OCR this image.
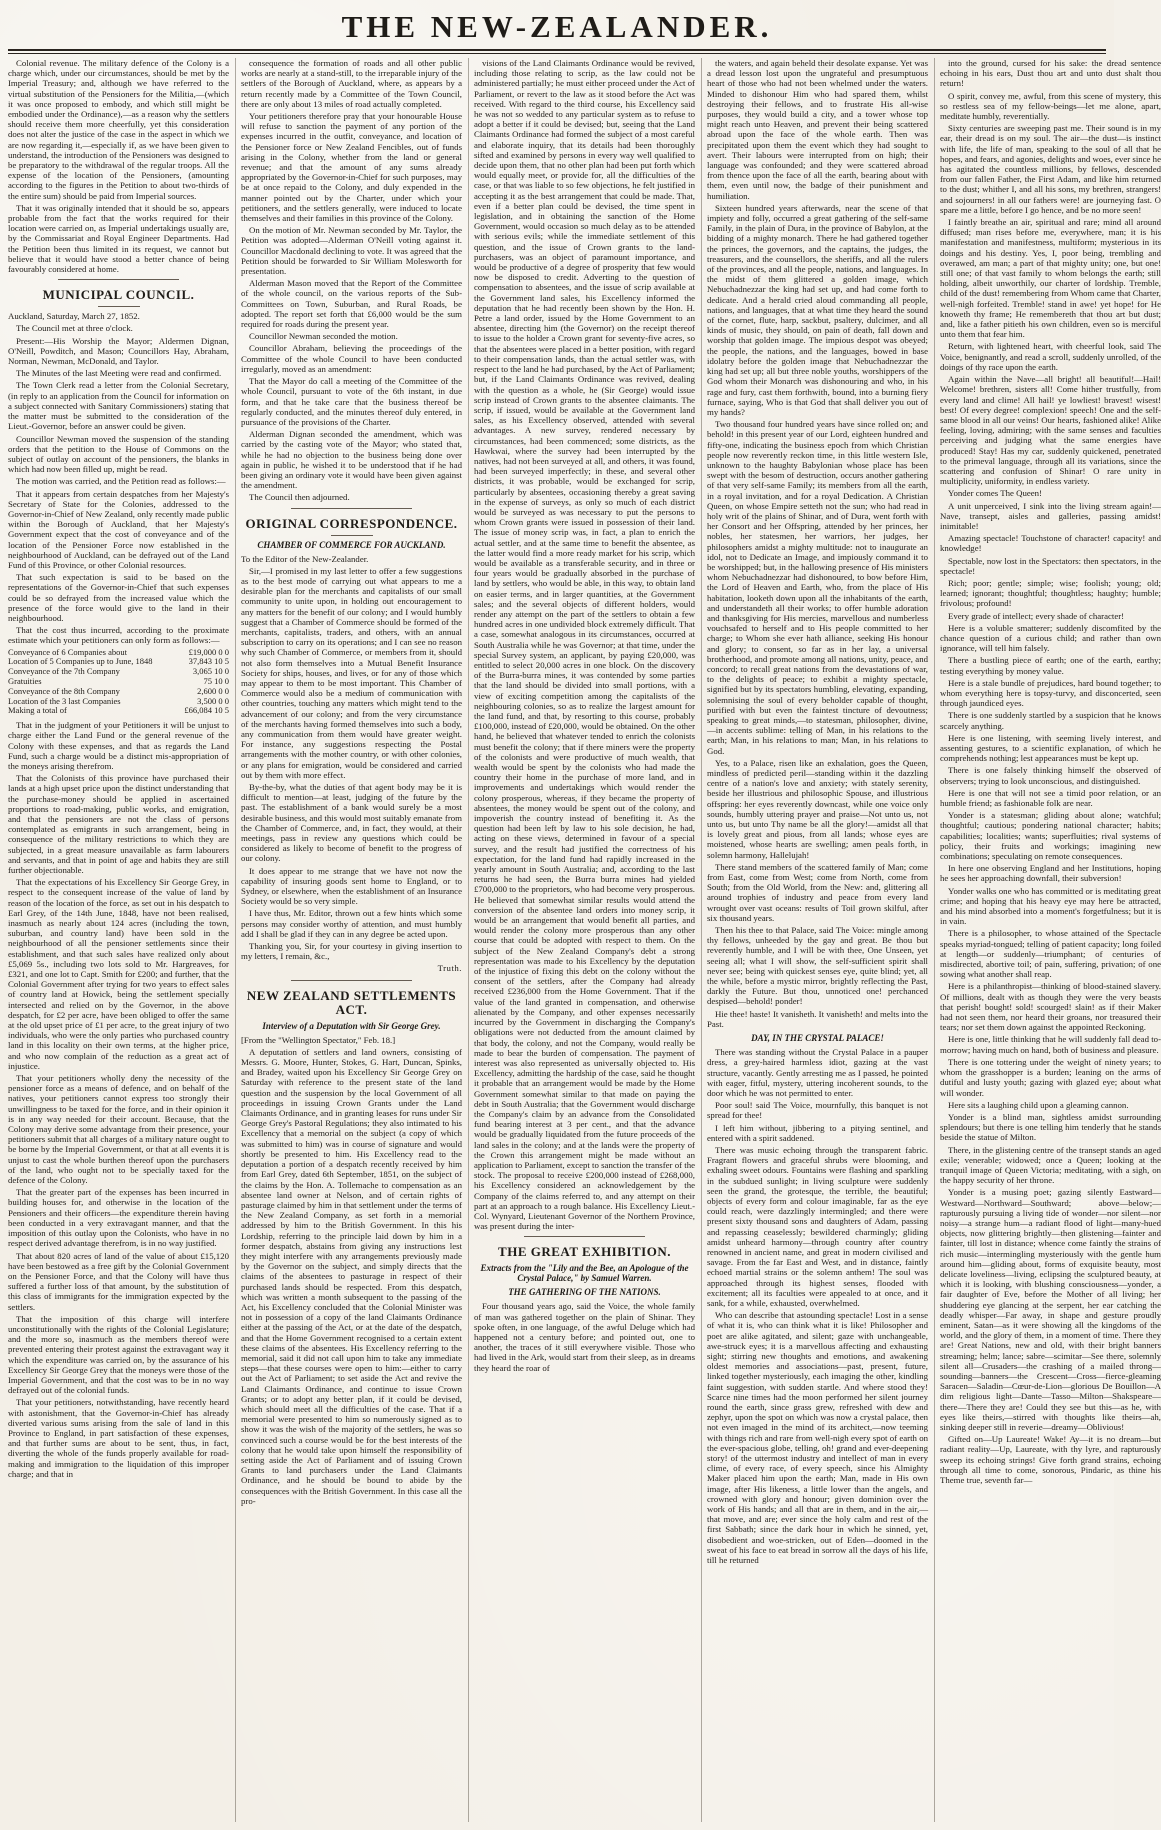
THE NEW-ZEALANDER.

Colonial revenue. The military defence of the Colony is a charge which, under our circumstances, should be met by the Imperial Treasury; and, although we have referred to the virtual substitution of the Pensioners for the Militia,—(which it was once proposed to embody, and which still might be embodied under the Ordinance),—as a reason why the settlers should receive them more cheerfully, yet this consideration does not alter the justice of the case in the aspect in which we are now regarding it,—especially if, as we have been given to understand, the introduction of the Pensioners was designed to be preparatory to the withdrawal of the regular troops. All the expense of the location of the Pensioners, (amounting according to the figures in the Petition to about two-thirds of the entire sum) should be paid from Imperial sources.

That it was originally intended that it should be so, appears probable from the fact that the works required for their location were carried on, as Imperial undertakings usually are, by the Commissariat and Royal Engineer Departments. Had the Petition been thus limited in its request, we cannot but believe that it would have stood a better chance of being favourably considered at home.

MUNICIPAL COUNCIL.

Auckland, Saturday, March 27, 1852.

The Council met at three o'clock.

Present:—His Worship the Mayor; Aldermen Dignan, O'Neill, Powditch, and Mason; Councillors Hay, Abraham, Norman, Newman, McDonald, and Taylor.

The Minutes of the last Meeting were read and confirmed.

The Town Clerk read a letter from the Colonial Secretary, (in reply to an application from the Council for information on a subject connected with Sanitary Commissioners) stating that the matter must be submitted to the consideration of the Lieut.-Governor, before an answer could be given.

Councillor Newman moved the suspension of the standing orders that the petition to the House of Commons on the subject of outlay on account of the pensioners, the blanks in which had now been filled up, might be read.

The motion was carried, and the Petition read as follows:—

That it appears from certain despatches from her Majesty's Secretary of State for the Colonies, addressed to the Governor-in-Chief of New Zealand, only recently made public within the Borough of Auckland, that her Majesty's Government expect that the cost of conveyance and of the location of the Pensioner Force now established in the neighbourhood of Auckland, can be defrayed out of the Land Fund of this Province, or other Colonial resources.

That such expectation is said to be based on the representations of the Governor-in-Chief that such expenses could be so defrayed from the increased value which the presence of the force would give to the land in their neighbourhood.

That the cost thus incurred, according to the proximate estimate which your petitioners can only form as follows:—

Conveyance of 6 Companies about	£19,000 0 0
Location of 5 Companies up to June, 1848	37,843 10 5
Conveyance of the 7th Company	3,065 10 0
Gratuities	75 10 0
Conveyance of the 8th Company	2,600 0 0
Location of the 3 last Companies	3,500 0 0
Making a total of	£66,084 10 5

That in the judgment of your Petitioners it will be unjust to charge either the Land Fund or the general revenue of the Colony with these expenses, and that as regards the Land Fund, such a charge would be a distinct mis-appropriation of the moneys arising therefrom.

That the Colonists of this province have purchased their lands at a high upset price upon the distinct understanding that the purchase-money should be applied in ascertained proportions to road-making, public works, and emigration, and that the pensioners are not the class of persons contemplated as emigrants in such arrangement, being in consequence of the military restrictions to which they are subjected, in a great measure unavailable as farm labourers and servants, and that in point of age and habits they are still further objectionable.

That the expectations of his Excellency Sir George Grey, in respect to the consequent increase of the value of land by reason of the location of the force, as set out in his despatch to Earl Grey, of the 14th June, 1848, have not been realised, inasmuch as nearly about 124 acres (including the town, suburban, and country land) have been sold in the neighbourhood of all the pensioner settlements since their establishment, and that such sales have realized only about £5,069 5s., including two lots sold to Mr. Hargreaves, for £321, and one lot to Capt. Smith for £200; and further, that the Colonial Government after trying for two years to effect sales of country land at Howick, being the settlement specially intersected and relied on by the Governor, in the above despatch, for £2 per acre, have been obliged to offer the same at the old upset price of £1 per acre, to the great injury of two individuals, who were the only parties who purchased country land in this locality on their own terms, at the higher price, and who now complain of the reduction as a great act of injustice.

That your petitioners wholly deny the necessity of the pensioner force as a means of defence, and on behalf of the natives, your petitioners cannot express too strongly their unwillingness to be taxed for the force, and in their opinion it is in any way needed for their account. Because, that the Colony may derive some advantage from their presence, your petitioners submit that all charges of a military nature ought to be borne by the Imperial Government, or that at all events it is unjust to cast the whole burthen thereof upon the purchasers of the land, who ought not to be specially taxed for the defence of the Colony.

That the greater part of the expenses has been incurred in building houses for, and otherwise in the location of the Pensioners and their officers—the expenditure therein having been conducted in a very extravagant manner, and that the imposition of this outlay upon the Colonists, who have in no respect derived advantage therefrom, is in no way justified.

That about 820 acres of land of the value of about £15,120 have been bestowed as a free gift by the Colonial Government on the Pensioner Force, and that the Colony will have thus suffered a further loss of that amount, by the substitution of this class of immigrants for the immigration expected by the settlers.

That the imposition of this charge will interfere unconstitutionally with the rights of the Colonial Legislature; and the more so, inasmuch as the members thereof were prevented entering their protest against the extravagant way it which the expenditure was carried on, by the assurance of his Excellency Sir George Grey that the moneys were those of the Imperial Government, and that the cost was to be in no way defrayed out of the colonial funds.

That your petitioners, notwithstanding, have recently heard with astonishment, that the Governor-in-Chief has already diverted various sums arising from the sale of land in this Province to England, in part satisfaction of these expenses, and that further sums are about to be sent, thus, in fact, diverting the whole of the funds properly available for road-making and immigration to the liquidation of this improper charge; and that in

consequence the formation of roads and all other public works are nearly at a stand-still, to the irreparable injury of the settlers of the Borough of Auckland, where, as appears by a return recently made by a Committee of the Town Council, there are only about 13 miles of road actually completed.

Your petitioners therefore pray that your honourable House will refuse to sanction the payment of any portion of the expenses incurred in the outfit, conveyance, and location of the Pensioner force or New Zealand Fencibles, out of funds arising in the Colony, whether from the land or general revenue; and that the amount of any sums already appropriated by the Governor-in-Chief for such purposes, may be at once repaid to the Colony, and duly expended in the manner pointed out by the Charter, under which your petitioners, and the settlers generally, were induced to locate themselves and their families in this province of the Colony.

On the motion of Mr. Newman seconded by Mr. Taylor, the Petition was adopted—Alderman O'Neill voting against it. Councillor Macdonald declining to vote. It was agreed that the Petition should be forwarded to Sir William Molesworth for presentation.

Alderman Mason moved that the Report of the Committee of the whole council, on the various reports of the Sub-Committees on Town, Suburban, and Rural Roads, be adopted. The report set forth that £6,000 would be the sum required for roads during the present year.

Councillor Newman seconded the motion.

Councillor Abraham, believing the proceedings of the Committee of the whole Council to have been conducted irregularly, moved as an amendment:

That the Mayor do call a meeting of the Committee of the whole Council, pursuant to vote of the 6th instant, in due form, and that he take care that the business thereof be regularly conducted, and the minutes thereof duly entered, in pursuance of the provisions of the Charter.

Alderman Dignan seconded the amendment, which was carried by the casting vote of the Mayor; who stated that, while he had no objection to the business being done over again in public, he wished it to be understood that if he had been giving an ordinary vote it would have been given against the amendment.

The Council then adjourned.

ORIGINAL CORRESPONDENCE.
CHAMBER OF COMMERCE FOR AUCKLAND.

To the Editor of the New-Zealander.

Sir,—I promised in my last letter to offer a few suggestions as to the best mode of carrying out what appears to me a desirable plan for the merchants and capitalists of our small community to unite upon, in holding out encouragement to any matters for the benefit of our colony; and I would humbly suggest that a Chamber of Commerce should be formed of the merchants, capitalists, traders, and others, with an annual subscription to carry on its operations; and I can see no reason why such Chamber of Commerce, or members from it, should not also form themselves into a Mutual Benefit Insurance Society for ships, houses, and lives, or for any of those which may appear to them to be most important. This Chamber of Commerce would also be a medium of communication with other countries, touching any matters which might tend to the advancement of our colony; and from the very circumstance of the merchants having formed themselves into such a body, any communication from them would have greater weight. For instance, any suggestions respecting the Postal arrangements with the mother country, or with other colonies, or any plans for emigration, would be considered and carried out by them with more effect.

By-the-by, what the duties of that agent body may be it is difficult to mention—at least, judging of the future by the past. The establishment of a bank would surely be a most desirable business, and this would most suitably emanate from the Chamber of Commerce, and, in fact, they would, at their meetings, pass in review any questions which could be considered as likely to become of benefit to the progress of our colony.

It does appear to me strange that we have not now the capability of insuring goods sent home to England, or to Sydney, or elsewhere, when the establishment of an Insurance Society would be so very simple.

I have thus, Mr. Editor, thrown out a few hints which some persons may consider worthy of attention, and must humbly add I shall be glad if they can in any degree be acted upon.

Thanking you, Sir, for your courtesy in giving insertion to my letters, I remain, &c.,

Truth.
NEW ZEALAND SETTLEMENTS ACT.
Interview of a Deputation with Sir George Grey.

[From the "Wellington Spectator," Feb. 18.]

A deputation of settlers and land owners, consisting of Messrs. G. Moore, Hunter, Stokes, G. Hart, Duncan, Spinks, and Bradey, waited upon his Excellency Sir George Grey on Saturday with reference to the present state of the land question and the suspension by the local Government of all proceedings in issuing Crown Grants under the Land Claimants Ordinance, and in granting leases for runs under Sir George Grey's Pastoral Regulations; they also intimated to his Excellency that a memorial on the subject (a copy of which was submitted to him) was in course of signature and would shortly be presented to him. His Excellency read to the deputation a portion of a despatch recently received by him from Earl Grey, dated 6th September, 1851, on the subject of the claims by the Hon. A. Tollemache to compensation as an absentee land owner at Nelson, and of certain rights of pasturage claimed by him in that settlement under the terms of the New Zealand Company, as set forth in a memorial addressed by him to the British Government. In this his Lordship, referring to the principle laid down by him in a former despatch, abstains from giving any instructions lest they might interfere with any arrangements previously made by the Governor on the subject, and simply directs that the claims of the absentees to pasturage in respect of their purchased lands should be respected. From this despatch, which was written a month subsequent to the passing of the Act, his Excellency concluded that the Colonial Minister was not in possession of a copy of the land Claimants Ordinance either at the passing of the Act, or at the date of the despatch, and that the Home Government recognised to a certain extent these claims of the absentees. His Excellency referring to the memorial, said it did not call upon him to take any immediate steps—that these courses were open to him:—either to carry out the Act of Parliament; to set aside the Act and revive the Land Claimants Ordinance, and continue to issue Crown Grants; or to adopt any better plan, if it could be devised, which should meet all the difficulties of the case. That if a memorial were presented to him so numerously signed as to show it was the wish of the majority of the settlers, he was so convinced such a course would be for the best interests of the colony that he would take upon himself the responsibility of setting aside the Act of Parliament and of issuing Crown Grants to land purchasers under the Land Claimants Ordinance, and he should be bound to abide by the consequences with the British Government. In this case all the pro-

visions of the Land Claimants Ordinance would be revived, including those relating to scrip, as the law could not be administered partially; he must either proceed under the Act of Parliament, or revert to the law as it stood before the Act was received. With regard to the third course, his Excellency said he was not so wedded to any particular system as to refuse to adopt a better if it could be devised; but, seeing that the Land Claimants Ordinance had formed the subject of a most careful and elaborate inquiry, that its details had been thoroughly sifted and examined by persons in every way well qualified to decide upon them, that no other plan had been put forth which would equally meet, or provide for, all the difficulties of the case, or that was liable to so few objections, he felt justified in accepting it as the best arrangement that could be made. That, even if a better plan could be devised, the time spent in legislation, and in obtaining the sanction of the Home Government, would occasion so much delay as to be attended with serious evils; while the immediate settlement of this question, and the issue of Crown grants to the land-purchasers, was an object of paramount importance, and would be productive of a degree of prosperity that few would now be disposed to credit. Adverting to the question of compensation to absentees, and the issue of scrip available at the Government land sales, his Excellency informed the deputation that he had recently been shown by the Hon. H. Petre a land order, issued by the Home Government to an absentee, directing him (the Governor) on the receipt thereof to issue to the holder a Crown grant for seventy-five acres, so that the absentees were placed in a better position, with regard to their compensation lands, than the actual settler was, with respect to the land he had purchased, by the Act of Parliament; but, if the Land Claimants Ordinance was revived, dealing with the question as a whole, he (Sir George) would issue scrip instead of Crown grants to the absentee claimants. The scrip, if issued, would be available at the Government land sales, as his Excellency observed, attended with several advantages. A new survey, rendered necessary by circumstances, had been commenced; some districts, as the Hawkwai, where the survey had been interrupted by the natives, had not been surveyed at all, and others, it was found, had been surveyed imperfectly; in these, and several other districts, it was probable, would be exchanged for scrip, particularly by absentees, occasioning thereby a great saving in the expense of surveys, as only so much of each district would be surveyed as was necessary to put the persons to whom Crown grants were issued in possession of their land. The issue of money scrip was, in fact, a plan to enrich the actual settler, and at the same time to benefit the absentee, as the latter would find a more ready market for his scrip, which would be available as a transferable security, and in three or four years would be gradually absorbed in the purchase of land by settlers, who would be able, in this way, to obtain land on easier terms, and in larger quantities, at the Government sales; and the several objects of different holders, would render any attempt on the part of the settlers to obtain a few hundred acres in one undivided block extremely difficult. That a case, somewhat analogous in its circumstances, occurred at South Australia while he was Governor; at that time, under the special Survey system, an applicant, by paying £20,000, was entitled to select 20,000 acres in one block. On the discovery of the Burra-burra mines, it was contended by some parties that the land should be divided into small portions, with a view of exciting competition among the capitalists of the neighbouring colonies, so as to realize the largest amount for the land fund, and that, by resorting to this course, probably £100,000, instead of £20,000, would be obtained. On the other hand, he believed that whatever tended to enrich the colonists must benefit the colony; that if there miners were the property of the colonists and were productive of much wealth, that wealth would be spent by the colonists who had made the country their home in the purchase of more land, and in improvements and undertakings which would render the colony prosperous, whereas, if they became the property of absentees, the money would be spent out of the colony, and impoverish the country instead of benefiting it. As the question had been left by law to his sole decision, he had, acting on these views, determined in favour of a special survey, and the result had justified the correctness of his expectation, for the land fund had rapidly increased in the yearly amount in South Australia; and, according to the last returns he had seen, the Burra burra mines had yielded £700,000 to the proprietors, who had become very prosperous. He believed that somewhat similar results would attend the conversion of the absentee land orders into money scrip, it would be an arrangement that would benefit all parties, and would render the colony more prosperous than any other course that could be adopted with respect to them. On the subject of the New Zealand Company's debt a strong representation was made to his Excellency by the deputation of the injustice of fixing this debt on the colony without the consent of the settlers, after the Company had already received £236,000 from the Home Government. That if the value of the land granted in compensation, and otherwise alienated by the Company, and other expenses necessarily incurred by the Government in discharging the Company's obligations were not deducted from the amount claimed by that body, the colony, and not the Company, would really be made to bear the burden of compensation. The payment of interest was also represented as universally objected to. His Excellency, admitting the hardship of the case, said he thought it probable that an arrangement would be made by the Home Government somewhat similar to that made on paying the debt in South Australia; that the Government would discharge the Company's claim by an advance from the Consolidated fund bearing interest at 3 per cent., and that the advance would be gradually liquidated from the future proceeds of the land sales in the colony; and at the lands were the property of the Crown this arrangement might be made without an application to Parliament, except to sanction the transfer of the stock. The proposal to receive £200,000 instead of £268,000, his Excellency considered an acknowledgement by the Company of the claims referred to, and any attempt on their part at an approach to a rough balance. His Excellency Lieut.-Col. Wynyard, Lieutenant Governor of the Northern Province, was present during the inter-

THE GREAT EXHIBITION.
Extracts from the "Lily and the Bee, an Apologue of the Crystal Palace," by Samuel Warren.
THE GATHERING OF THE NATIONS.

Four thousand years ago, said the Voice, the whole family of man was gathered together on the plain of Shinar. They spoke often, in one language, of the awful Deluge which had happened not a century before; and pointed out, one to another, the traces of it still everywhere visible. Those who had lived in the Ark, would start from their sleep, as in dreams they heard the roar of

the waters, and again beheld their desolate expanse. Yet was a dread lesson lost upon the ungrateful and presumptuous heart of those who had not been whelmed under the waters. Minded to dishonour Him who had spared them, whilst destroying their fellows, and to frustrate His all-wise purposes, they would build a city, and a tower whose top might reach unto Heaven, and prevent their being scattered abroad upon the face of the whole earth. Then was precipitated upon them the event which they had sought to avert. Their labours were interrupted from on high; their language was confounded; and they were scattered abroad from thence upon the face of all the earth, bearing about with them, even until now, the badge of their punishment and humiliation.

Sixteen hundred years afterwards, near the scene of that impiety and folly, occurred a great gathering of the self-same Family, in the plain of Dura, in the province of Babylon, at the bidding of a mighty monarch. There he had gathered together the princes, the governors, and the captains, the judges, the treasurers, and the counsellors, the sheriffs, and all the rulers of the provinces, and all the people, nations, and languages. In the midst of them glittered a golden image, which Nebuchadnezzar the king had set up, and had come forth to dedicate. And a herald cried aloud commanding all people, nations, and languages, that at what time they heard the sound of the cornet, flute, harp, sackbut, psaltery, dulcimer, and all kinds of music, they should, on pain of death, fall down and worship that golden image. The impious despot was obeyed; the people, the nations, and the languages, bowed in base idolatry before the golden image that Nebuchadnezzar the king had set up; all but three noble youths, worshippers of the God whom their Monarch was dishonouring and who, in his rage and fury, cast them forthwith, bound, into a burning fiery furnace, saying, Who is that God that shall deliver you out of my hands?

Two thousand four hundred years have since rolled on; and behold! in this present year of our Lord, eighteen hundred and fifty-one, indicating the business epoch from which Christian people now reverently reckon time, in this little western Isle, unknown to the haughty Babylonian whose place has been swept with the besom of destruction, occurs another gathering of that very self-same Family; its members from all the earth, in a royal invitation, and for a royal Dedication. A Christian Queen, on whose Empire setteth not the sun; who had read in holy writ of the plains of Shinar, and of Dura, went forth with her Consort and her Offspring, attended by her princes, her nobles, her statesmen, her warriors, her judges, her philosophers amidst a mighty multitude: not to inaugurate an idol, not to Dedicate an Image, and impiously command it to be worshipped; but, in the hallowing presence of His ministers whom Nebuchadnezzar had dishonoured, to bow before Him, the Lord of Heaven and Earth, who, from the place of His habitation, looketh down upon all the inhabitants of the earth, and understandeth all their works; to offer humble adoration and thanksgiving for His mercies, marvellous and numberless vouchsafed to herself and to His people committed to her charge; to Whom she ever hath alliance, seeking His honour and glory; to consent, so far as in her lay, a universal brotherhood, and promote among all nations, unity, peace, and concord; to recall great nations from the devastations of war, to the delights of peace; to exhibit a mighty spectacle, signified but by its spectators humbling, elevating, expanding, solemnising the soul of every beholder capable of thought, purified with but even the faintest tincture of devoutness; speaking to great minds,—to statesman, philosopher, divine,—in accents sublime: telling of Man, in his relations to the earth; Man, in his relations to man; Man, in his relations to God.

Yes, to a Palace, risen like an exhalation, goes the Queen, mindless of predicted peril—standing within it the dazzling centre of a nation's love and anxiety; with stately serenity, beside her illustrious and philosophic Spouse, and illustrious offspring: her eyes reverently downcast, while one voice only sounds, humbly uttering prayer and praise—Not unto us, not unto us, but unto Thy name be all the glory!—amidst all that is lovely great and pious, from all lands; whose eyes are moistened, whose hearts are swelling; amen peals forth, in solemn harmony, Hallelujah!

There stand members of the scattered family of Man; come from East, come from West; come from North, come from South; from the Old World, from the New: and, glittering all around trophies of industry and peace from every land wrought over vast oceans: results of Toil grown skilful, after six thousand years.

Then his thee to that Palace, said The Voice: mingle among thy fellows, unheeded by the gay and great. Be thou but reverently humble, and I will be with thee, One Unseen, yet seeing all; what I will show, the self-sufficient spirit shall never see; being with quickest senses eye, quite blind; yet, all the while, before a mystic mirror, brightly reflecting the Past, darkly the Future. But thou, unnoticed one! perchanced despised—behold! ponder!

Hie thee! haste! It vanisheth. It vanisheth! and melts into the Past.

DAY, IN THE CRYSTAL PALACE!

There was standing without the Crystal Palace in a pauper dress, a grey-haired harmless idiot, gazing at the vast structure, vacantly. Gently arresting me as I passed, he pointed with eager, fitful, mystery, uttering incoherent sounds, to the door which he was not permitted to enter.

Poor soul! said The Voice, mournfully, this banquet is not spread for thee!

I left him without, jibbering to a pitying sentinel, and entered with a spirit saddened.

There was music echoing through the transparent fabric. Fragrant flowers and graceful shrubs were blooming, and exhaling sweet odours. Fountains were flashing and sparkling in the subdued sunlight; in living sculpture were suddenly seen the grand, the grotesque, the terrible, the beautiful; objects of every form and colour imaginable, far as the eye could reach, were dazzlingly intermingled; and there were present sixty thousand sons and daughters of Adam, passing and repassing ceaselessly; bewildered charmingly; gliding amidst unheard harmony—through country after country renowned in ancient name, and great in modern civilised and savage. From the far East and West, and in distance, faintly echoed martial strains or the solemn anthem! The soul was approached through its highest senses, flooded with excitement; all its faculties were appealed to at once, and it sank, for a while, exhausted, overwhelmed.

Who can describe that astounding spectacle! Lost in a sense of what it is, who can think what it is like! Philosopher and poet are alike agitated, and silent; gaze with unchangeable, awe-struck eyes; it is a marvellous affecting and exhausting sight; stirring new thoughts and emotions, and awakening oldest memories and associations—past, present, future, linked together mysteriously, each imaging the other, kindling faint suggestion, with sudden startle. And where stood they! Scarce nine times had the moon performed her silent journey round the earth, since grass grew, refreshed with dew and zephyr, upon the spot on which was now a crystal palace, then not even imaged in the mind of its architect,—now teeming with things rich and rare from well-nigh every spot of earth on the ever-spacious globe, telling, oh! grand and ever-deepening story! of the uttermost industry and intellect of man in every clime, of every race, of every speech, since his Almighty Maker placed him upon the earth; Man, made in His own image, after His likeness, a little lower than the angels, and crowned with glory and honour; given dominion over the work of His hands; and all that are in them, and in the air,—that move, and are; ever since the holy calm and rest of the first Sabbath; since the dark hour in which he sinned, yet, disobedient and woe-stricken, out of Eden—doomed in the sweat of his face to eat bread in sorrow all the days of his life, till he returned

into the ground, cursed for his sake: the dread sentence echoing in his ears, Dust thou art and unto dust shalt thou return!

O spirit, convey me, awful, from this scene of mystery, this so restless sea of my fellow-beings—let me alone, apart, meditate humbly, reverentially.

Sixty centuries are sweeping past me. Their sound is in my ear, their dread is on my soul. The air—the dust—is instinct with life, the life of man, speaking to the soul of all that he hopes, and fears, and agonies, delights and woes, ever since he has agitated the countless millions, by fellows, descended from our fallen Father, the First Adam, and like him returned to the dust; whither I, and all his sons, my brethren, strangers! and sojourners! in all our fathers were! are journeying fast. O spare me a little, before I go hence, and be no more seen!

I faintly breathe an air, spiritual and rare; mind all around diffused; man rises before me, everywhere, man; it is his manifestation and manifestness, multiform; mysterious in its doings and his destiny. Yes, I, poor being, trembling and overawed, am man; a part of that mighty unity; one, but one! still one; of that vast family to whom belongs the earth; still holding, albeit unworthily, our charter of lordship. Tremble, child of the dust! remembering from Whom came that Charter, well-nigh forfeited. Tremble! stand in awe! yet hope! for He knoweth thy frame; He remembereth that thou art but dust; and, like a father pitieth his own children, even so is merciful unto them that fear him.

Return, with lightened heart, with cheerful look, said The Voice, benignantly, and read a scroll, suddenly unrolled, of the doings of thy race upon the earth.

Again within the Nave—all bright! all beautiful!—Hail! Welcome! brethren, sisters all! Come hither trustfully, from every land and clime! All hail! ye lowliest! bravest! wisest! best! Of every degree! complexion! speech! One and the self-same blood in all our veins! Our hearts, fashioned alike! Alike feeling, loving, admiring; with the same senses and faculties perceiving and judging what the same energies have produced! Stay! Has my car, suddenly quickened, penetrated to the primeval language, through all its variations, since the scattering and confusion of Shinar! O rare unity in multiplicity, uniformity, in endless variety.

Yonder comes The Queen!

A unit unperceived, I sink into the living stream again!—Nave, transept, aisles and galleries, passing amidst! inimitable!

Amazing spectacle! Touchstone of character! capacity! and knowledge!

Spectable, now lost in the Spectators: then spectators, in the spectacle!

Rich; poor; gentle; simple; wise; foolish; young; old; learned; ignorant; thoughtful; thoughtless; haughty; humble; frivolous; profound!

Every grade of intellect; every shade of character!

Here is a voluble smatterer; suddenly discomfited by the chance question of a curious child; and rather than own ignorance, will tell him falsely.

There a bustling piece of earth; one of the earth, earthy; testing everything by money value.

Here is a stale bundle of prejudices, hard bound together; to whom everything here is topsy-turvy, and disconcerted, seen through jaundiced eyes.

There is one suddenly startled by a suspicion that he knows scarcely anything.

Here is one listening, with seeming lively interest, and assenting gestures, to a scientific explanation, of which he comprehends nothing; lest appearances must be kept up.

There is one falsely thinking himself the observed of observers; trying to look unconscious, and distinguished.

Here is one that will not see a timid poor relation, or an humble friend; as fashionable folk are near.

Yonder is a statesman; gliding about alone; watchful; thoughtful; cautious; pondering national character; habits; capabilities; localities; wants; superfluities; rival systems of policy, their fruits and workings; imagining new combinations; speculating on remote consequences.

In here one observing England and her Institutions, hoping he sees her approaching downfall, their subversion!

Yonder walks one who has committed or is meditating great crime; and hoping that his heavy eye may here be attracted, and his mind absorbed into a moment's forgetfulness; but it is in vain.

There is a philosopher, to whose attained of the Spectacle speaks myriad-tongued; telling of patient capacity; long foiled at length—or suddenly—triumphant; of centuries of misdirected, abortive toil; of pain, suffering, privation; of one sowing what another shall reap.

Here is a philanthropist—thinking of blood-stained slavery. Of millions, dealt with as though they were the very beasts that perish! bought! sold! scourged! slain! as if their Maker had not seen them, nor heard their groans, nor treasured their tears; nor set them down against the appointed Reckoning.

Here is one, little thinking that he will suddenly fall dead to-morrow; having much on hand, both of business and pleasure.

There is one tottering under the weight of ninety years; to whom the grasshopper is a burden; leaning on the arms of dutiful and lusty youth; gazing with glazed eye; about what will wonder.

Here sits a laughing child upon a gleaming cannon.

Yonder is a blind man, sightless amidst surrounding splendours; but there is one telling him tenderly that he stands beside the statue of Milton.

There, in the glistening centre of the transept stands an aged exile; venerable; widowed; once a Queen; looking at the tranquil image of Queen Victoria; meditating, with a sigh, on the happy security of her throne.

Yonder is a musing poet; gazing silently Eastward—Westward—Northward—Southward; above—below;—rapturously pursuing a living tide of wonder—nor silent—nor noisy—a strange hum—a radiant flood of light—many-hued objects, now glittering brightly—then glistening—fainter and fainter, till lost in distance; whence come faintly the strains of rich music—intermingling mysteriously with the gentle hum around him—gliding about, forms of exquisite beauty, most delicate loveliness—living, eclipsing the sculptured beauty, at which it is looking, with blushing consciousness—yonder, a fair daughter of Eve, before the Mother of all living; her shuddering eye glancing at the serpent, her ear catching the deadly whisper—Far away, in shape and gesture proudly eminent, Satan—as it were showing all the kingdoms of the world, and the glory of them, in a moment of time. There they are! Great Nations, new and old, with their bright banners streaming; helm; lance; sabre—scimitar—See there, solemnly silent all—Crusaders—the crashing of a mailed throng—sounding—banners—the Crescent—Cross—fierce-gleaming Saracen—Saladin—Cœur-de-Lion—glorious De Bouillon—A dim religious light—Dante—Tasso—Milton—Shakspeare—there—There they are! Could they see but this—as he, with eyes like theirs,—stirred with thoughts like theirs—ah, sinking deeper still in reverie—dreamy—Oblivious!

Gifted on—Up Laureate! Wake! Ay—it is no dream—but radiant reality—Up, Laureate, with thy lyre, and rapturously sweep its echoing strings! Give forth grand strains, echoing through all time to come, sonorous, Pindaric, as thine his Theme true, seventh far—
